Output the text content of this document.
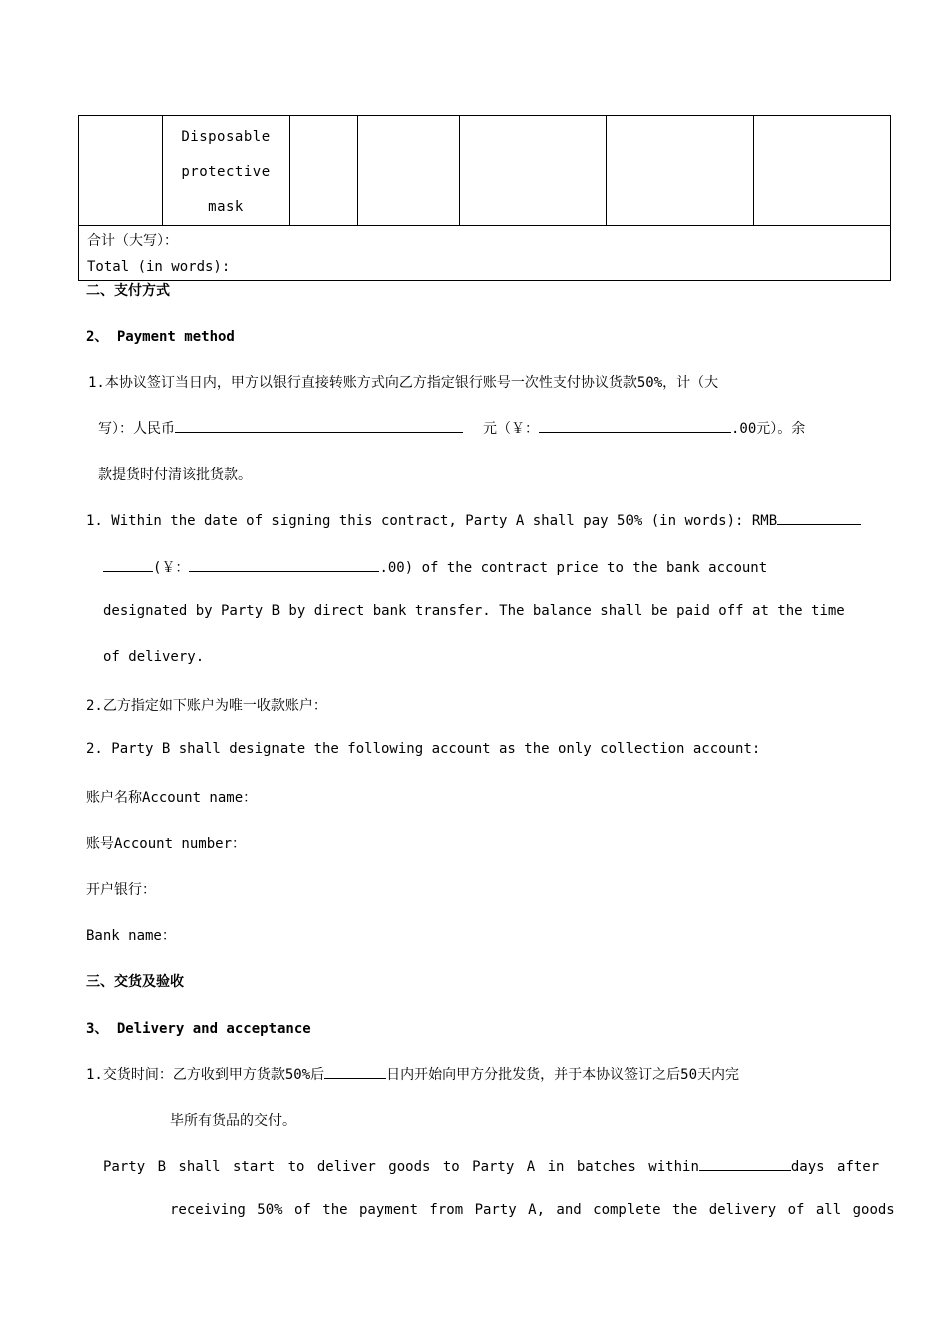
Disposable
protective
mask

合计（大写）：
Total (in words):
二、支付方式
2、 Payment method
1.本协议签订当日内，甲方以银行直接转账方式向乙方指定银行账号一次性支付协议货款50%，计（大
写）：人民币	元（￥：	.00元）。余
款提货时付清该批货款。
1. Within the date of signing this contract, Party A shall pay 50% (in words): RMB
(￥：	.00) of the contract price to the bank account
designated by Party B by direct bank transfer. The balance shall be paid off at the time
of delivery.
2.乙方指定如下账户为唯一收款账户：
2. Party B shall designate the following account as the only collection account:
账户名称Account name：
账号Account number：
开户银行：
Bank name：
三、交货及验收
3、 Delivery and acceptance
1.交货时间：乙方收到甲方货款50%后	日内开始向甲方分批发货，并于本协议签订之后50天内完
毕所有货品的交付。
Party B shall start to deliver goods to Party A in batches within	days after
receiving 50% of the payment from Party A, and complete the delivery of all goods
